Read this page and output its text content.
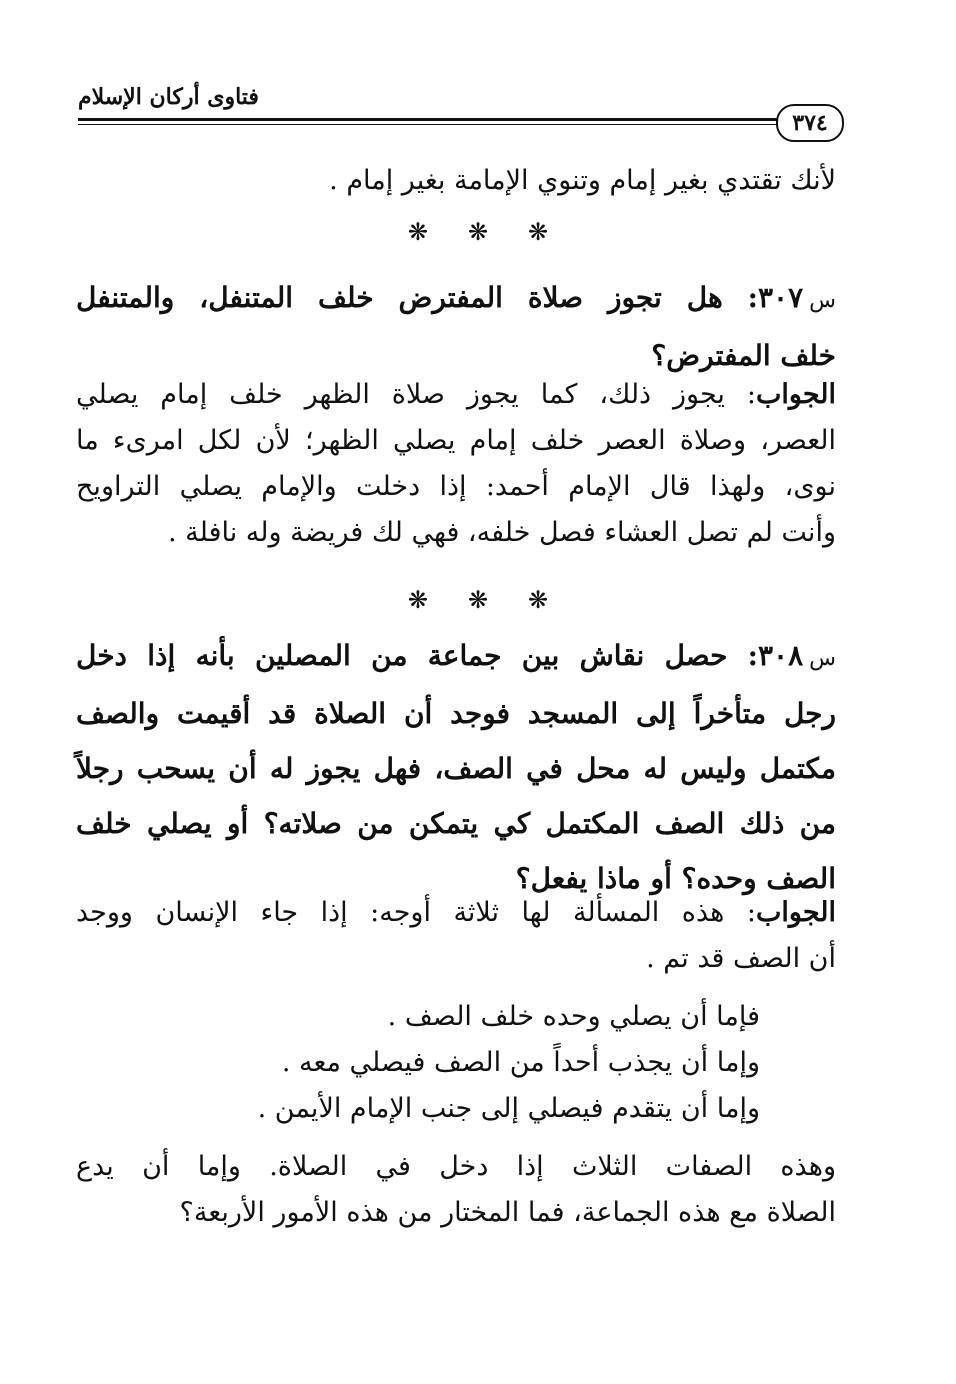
فتاوى أركان الإسلام
٣٧٤
لأنك تقتدي بغير إمام وتنوي الإمامة بغير إمام .
❋ ❋ ❋
س٣٠٧: هل تجوز صلاة المفترض خلف المتنفل، والمتنفل
خلف المفترض؟
الجواب: يجوز ذلك، كما يجوز صلاة الظهر خلف إمام يصلي
العصر، وصلاة العصر خلف إمام يصلي الظهر؛ لأن لكل امرىء ما
نوى، ولهذا قال الإمام أحمد: إذا دخلت والإمام يصلي التراويح
وأنت لم تصل العشاء فصل خلفه، فهي لك فريضة وله نافلة .
❋ ❋ ❋
س٣٠٨: حصل نقاش بين جماعة من المصلين بأنه إذا دخل
رجل متأخراً إلى المسجد فوجد أن الصلاة قد أقيمت والصف
مكتمل وليس له محل في الصف، فهل يجوز له أن يسحب رجلاً
من ذلك الصف المكتمل كي يتمكن من صلاته؟ أو يصلي خلف
الصف وحده؟ أو ماذا يفعل؟
الجواب: هذه المسألة لها ثلاثة أوجه: إذا جاء الإنسان ووجد
أن الصف قد تم .
فإما أن يصلي وحده خلف الصف .
وإما أن يجذب أحداً من الصف فيصلي معه .
وإما أن يتقدم فيصلي إلى جنب الإمام الأيمن .
وهذه الصفات الثلاث إذا دخل في الصلاة. وإما أن يدع
الصلاة مع هذه الجماعة، فما المختار من هذه الأمور الأربعة؟
